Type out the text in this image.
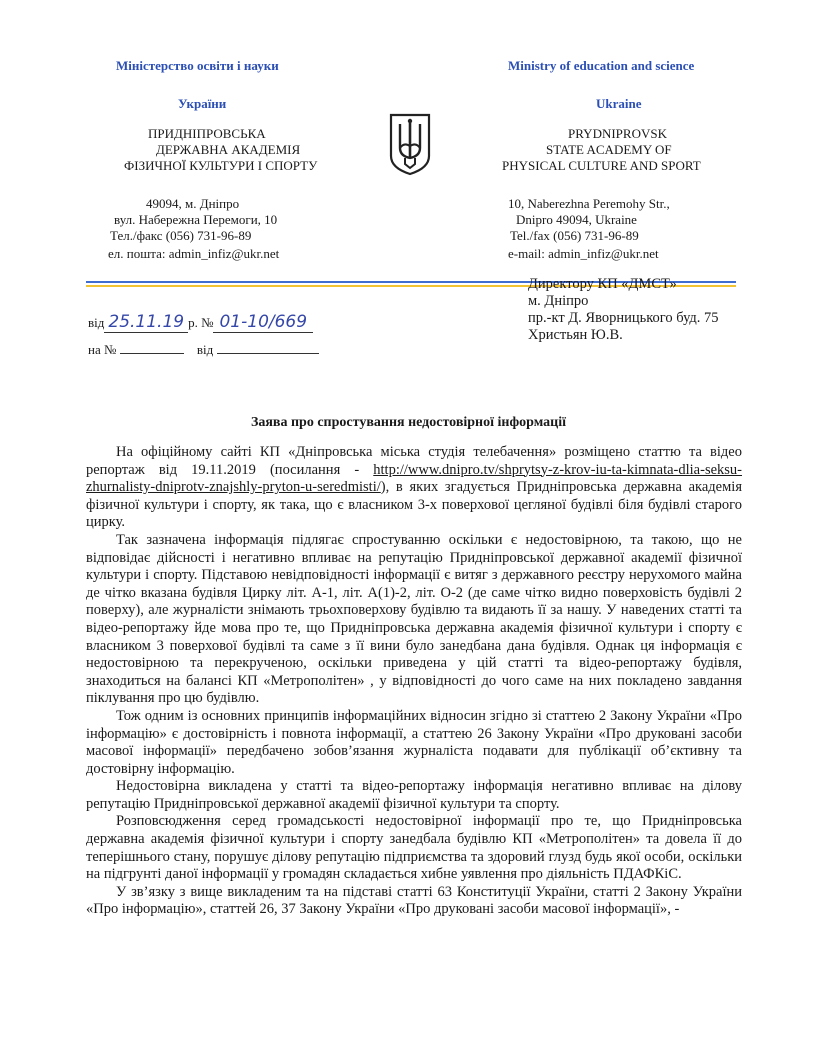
Міністерство освіти і науки
України
ПРИДНІПРОВСЬКА
ДЕРЖАВНА АКАДЕМІЯ
ФІЗИЧНОЇ КУЛЬТУРИ І СПОРТУ
49094, м. Дніпро
вул. Набережна Перемоги, 10
Тел./факс (056) 731-96-89
ел. пошта: admin_infiz@ukr.net
Ministry of education and science
Ukraine
PRYDNIPROVSK
STATE ACADEMY OF
PHYSICAL CULTURE AND SPORT
10, Naberezhna Peremohy Str.,
Dnipro 49094, Ukraine
Tel./fax (056) 731-96-89
e-mail: admin_infiz@ukr.net
від 25.11.19 р. № 01-10/669
на №	від
Директору КП «ДМСТ»
м. Дніпро
пр.-кт Д. Яворницького буд. 75
Христьян Ю.В.
Заява про спростування недостовірної інформації

На офіційному сайті КП «Дніпровська міська студія телебачення» розміщено статтю та відео репортаж від 19.11.2019 (посилання - http://www.dnipro.tv/shprytsy-z-krov-iu-ta-kimnata-dlia-seksu-zhurnalisty-dniprotv-znajshly-pryton-u-seredmisti/), в яких згадується Придніпровська державна академія фізичної культури і спорту, як така, що є власником 3-х поверхової цегляної будівлі біля будівлі старого цирку.

Так зазначена інформація підлягає спростуванню оскільки є недостовірною, та такою, що не відповідає дійсності і негативно впливає на репутацію Придніпровської державної академії фізичної культури і спорту. Підставою невідповідності інформації є витяг з державного реєстру нерухомого майна де чітко вказана будівля Цирку літ. А-1, літ. А(1)-2, літ. О-2 (де саме чітко видно поверховість будівлі 2 поверху), але журналісти знімають трьохповерхову будівлю та видають її за нашу. У наведених статті та відео-репортажу йде мова про те, що Придніпровська державна академія фізичної культури і спорту є власником 3 поверхової будівлі та саме з її вини було занедбана дана будівля. Однак ця інформація є недостовірною та перекрученою, оскільки приведена у цій статті та відео-репортажу будівля, знаходиться на балансі КП «Метрополітен» , у відповідності до чого саме на них покладено завдання піклування про цю будівлю.

Тож одним із основних принципів інформаційних відносин згідно зі статтею 2 Закону України «Про інформацію» є достовірність і повнота інформації, а статтею 26 Закону України «Про друковані засоби масової інформації» передбачено зобов’язання журналіста подавати для публікації об’єктивну та достовірну інформацію.

Недостовірна викладена у статті та відео-репортажу інформація негативно впливає на ділову репутацію Придніпровської державної академії фізичної культури та спорту.

Розповсюдження серед громадськості недостовірної інформації про те, що Придніпровська державна академія фізичної культури і спорту занедбала будівлю КП «Метрополітен» та довела її до теперішнього стану, порушує ділову репутацію підприємства та здоровий глузд будь якої особи, оскільки на підгрунті даної інформації у громадян складається хибне уявлення про діяльність ПДАФКіС.

У зв’язку з вище викладеним та на підставі статті 63 Конституції України, статті 2 Закону України «Про інформацію», статтей 26, 37 Закону України «Про друковані засоби масової інформації», -
